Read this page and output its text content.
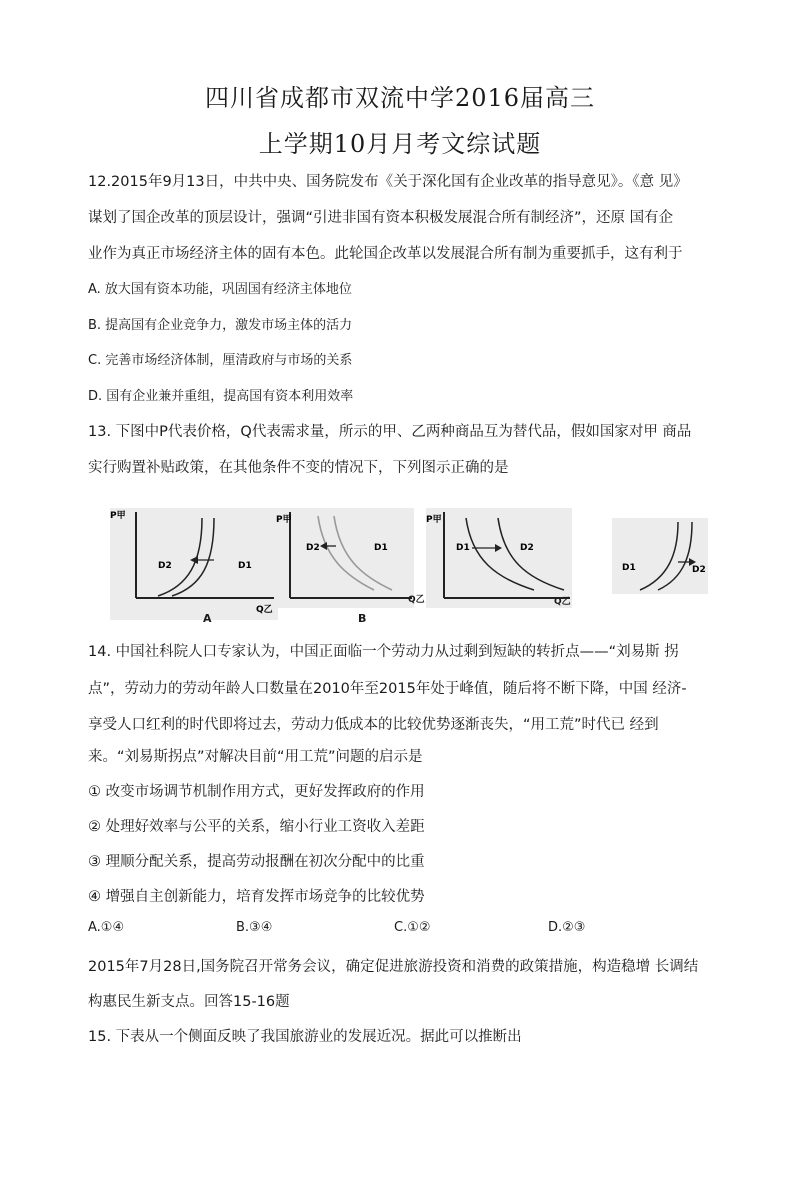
四川省成都市双流中学2016届高三
上学期10月月考文综试题
12.2015年9月13日，中共中央、国务院发布《关于深化国有企业改革的指导意见》。《意 见》
谋划了国企改革的顶层设计，强调“引进非国有资本积极发展混合所有制经济”，还原 国有企
业作为真正市场经济主体的固有本色。此轮国企改革以发展混合所有制为重要抓手，这有利于
A. 放大国有资本功能，巩固国有经济主体地位
B. 提高国有企业竞争力，激发市场主体的活力
C. 完善市场经济体制，厘清政府与市场的关系
D. 国有企业兼并重组，提高国有资本利用效率
13. 下图中P代表价格，Q代表需求量，所示的甲、乙两种商品互为替代品，假如国家对甲 商品
实行购置补贴政策，在其他条件不变的情况下，下列图示正确的是
P甲
D2	D1
Q乙
A
P甲
D2	D1
Q乙
B
P甲
D1	D2
Q乙
D1	D2
14. 中国社科院人口专家认为，中国正面临一个劳动力从过剩到短缺的转折点——“刘易斯 拐
点”，劳动力的劳动年龄人口数量在2010年至2015年处于峰值，随后将不断下降，中国 经济-
享受人口红利的时代即将过去，劳动力低成本的比较优势逐渐丧失，“用工荒”时代已 经到
来。“刘易斯拐点”对解决目前“用工荒”问题的启示是
① 改变市场调节机制作用方式，更好发挥政府的作用
② 处理好效率与公平的关系，缩小行业工资收入差距
③ 理顺分配关系，提高劳动报酬在初次分配中的比重
④ 增强自主创新能力，培育发挥市场竞争的比较优势
A.①④	B.③④	C.①②	D.②③
2015年7月28日,国务院召开常务会议，确定促进旅游投资和消费的政策措施，构造稳增 长调结
构惠民生新支点。回答15-16题
15. 下表从一个侧面反映了我国旅游业的发展近况。据此可以推断出
